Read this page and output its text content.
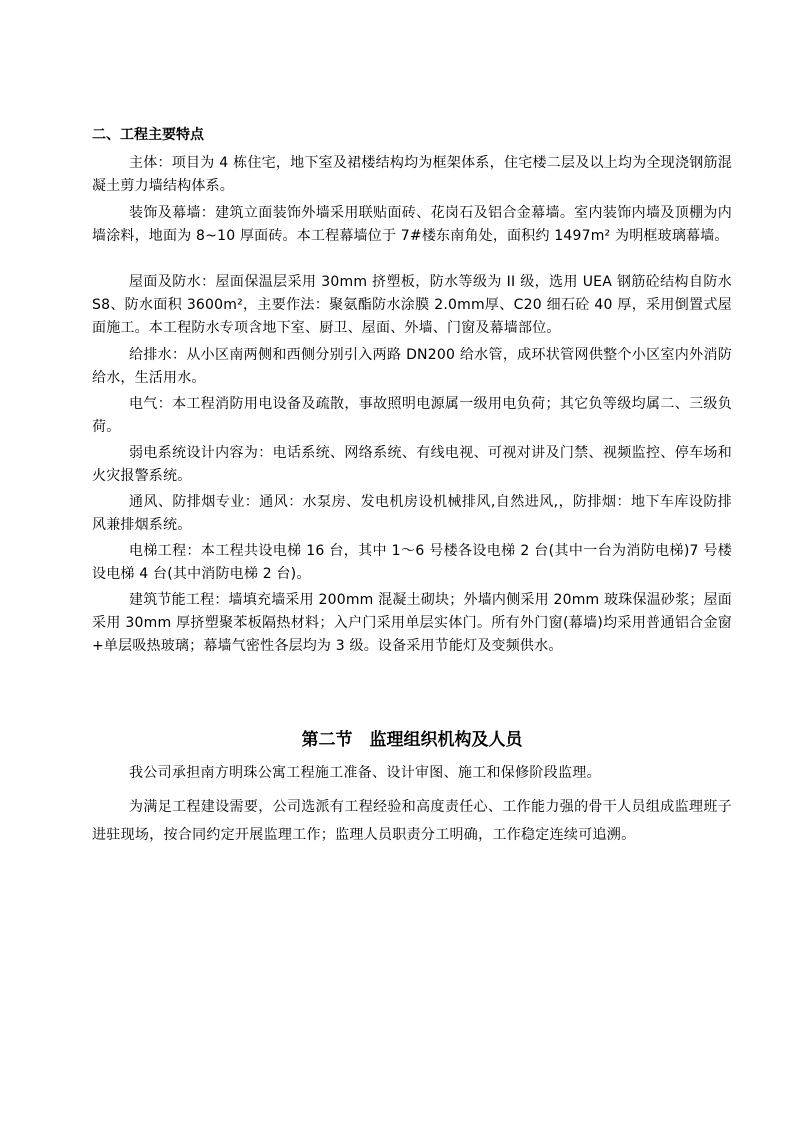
二、工程主要特点
主体：项目为 4 栋住宅，地下室及裙楼结构均为框架体系，住宅楼二层及以上均为全现浇钢筋混凝土剪力墙结构体系。
装饰及幕墙：建筑立面装饰外墙采用联贴面砖、花岗石及铝合金幕墙。室内装饰内墙及顶棚为内墙涂料，地面为 8~10 厚面砖。本工程幕墙位于 7#楼东南角处，面积约 1497m² 为明框玻璃幕墙。
屋面及防水：屋面保温层采用 30mm 挤塑板，防水等级为 II 级，选用 UEA 钢筋砼结构自防水 S8、防水面积 3600m²，主要作法：聚氨酯防水涂膜 2.0mm厚、C20 细石砼 40 厚，采用倒置式屋面施工。本工程防水专项含地下室、厨卫、屋面、外墙、门窗及幕墙部位。
给排水：从小区南两侧和西侧分别引入两路 DN200 给水管，成环状管网供整个小区室内外消防给水，生活用水。
电气：本工程消防用电设备及疏散，事故照明电源属一级用电负荷；其它负等级均属二、三级负荷。
弱电系统设计内容为：电话系统、网络系统、有线电视、可视对讲及门禁、视频监控、停车场和火灾报警系统。
通风、防排烟专业：通风：水泵房、发电机房设机械排风,自然进风,，防排烟：地下车库设防排风兼排烟系统。
电梯工程：本工程共设电梯 16 台，其中 1～6 号楼各设电梯 2 台(其中一台为消防电梯)7 号楼设电梯 4 台(其中消防电梯 2 台)。
建筑节能工程：墙填充墙采用 200mm 混凝土砌块；外墙内侧采用 20mm 玻珠保温砂浆；屋面采用 30mm 厚挤塑聚苯板隔热材料；入户门采用单层实体门。所有外门窗(幕墙)均采用普通铝合金窗+单层吸热玻璃；幕墙气密性各层均为 3 级。设备采用节能灯及变频供水。
第二节　监理组织机构及人员
我公司承担南方明珠公寓工程施工准备、设计审图、施工和保修阶段监理。
为满足工程建设需要，公司选派有工程经验和高度责任心、工作能力强的骨干人员组成监理班子进驻现场，按合同约定开展监理工作；监理人员职责分工明确，工作稳定连续可追溯。
